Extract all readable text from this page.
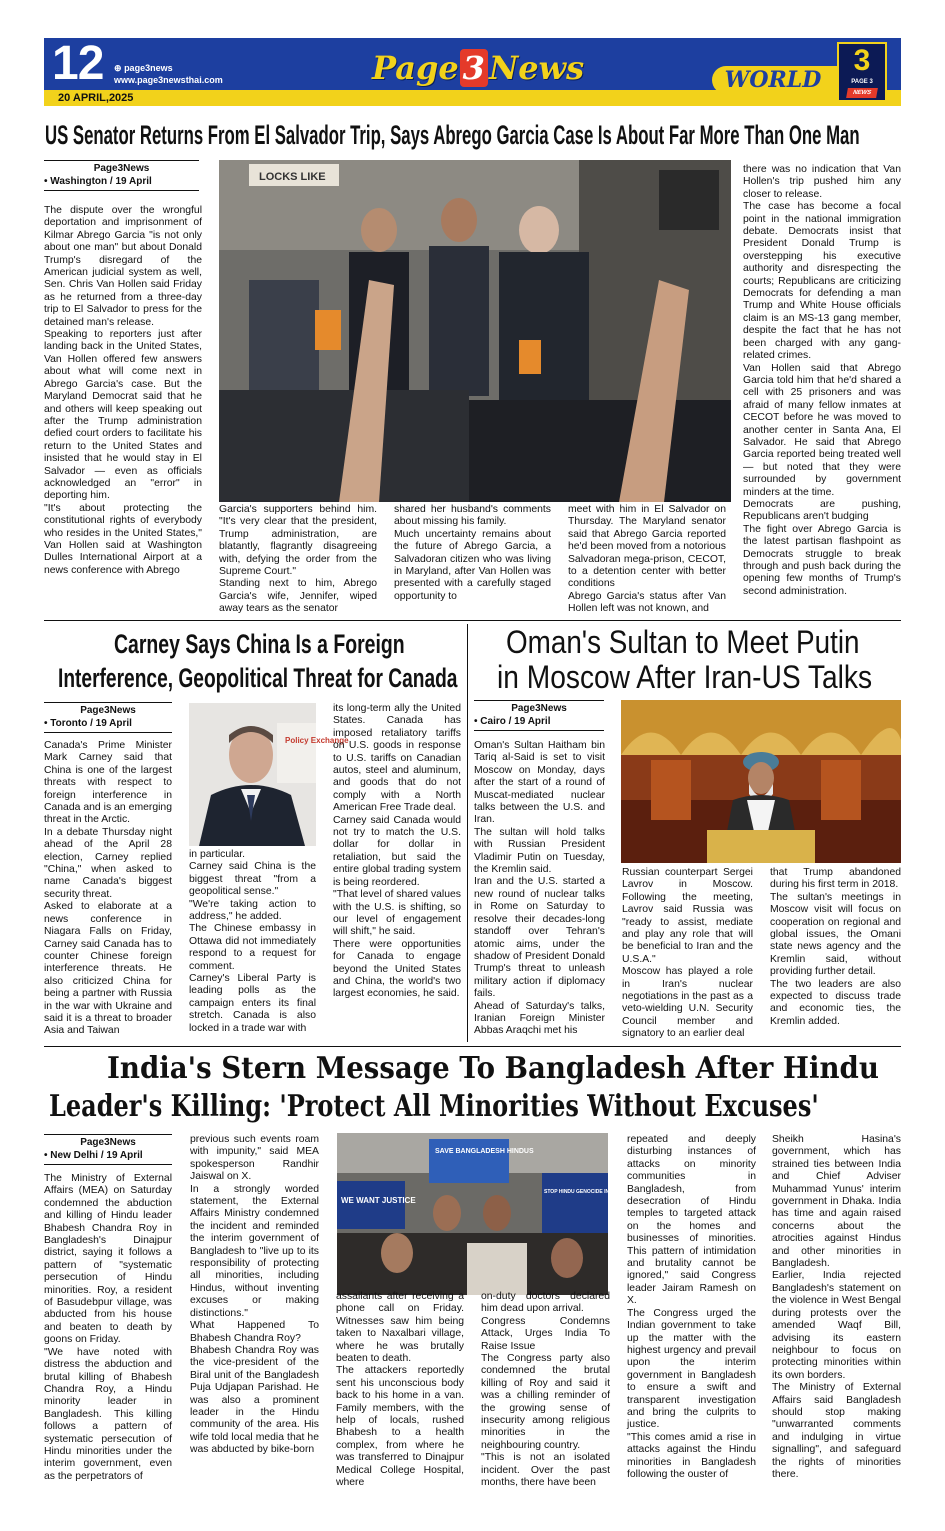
12 ⊕ page3news
www.page3newsthai.com
20 APRIL,2025
Page 3 News	WORLD
3
PAGE 3
NEWS
US Senator Returns From El Salvador Trip, Says Abrego Garcia Case Is About Far More Than One Man
Page3News
• Washington / 19 April	LOCKS LIKE

The dispute over the wrongful deportation and imprisonment of Kilmar Abrego Garcia "is not only about one man" but about Donald Trump's disregard of the American judicial system as well, Sen. Chris Van Hollen said Friday as he returned from a three-day trip to El Salvador to press for the detained man's release.
Speaking to reporters just after landing back in the United States, Van Hollen offered few answers about what will come next in Abrego Garcia's case. But the Maryland Democrat said that he and others will keep speaking out after the Trump administration defied court orders to facilitate his return to the United States and insisted that he would stay in El Salvador — even as officials acknowledged an "error" in deporting him.
"It's about protecting the constitutional rights of everybody who resides in the United States," Van Hollen said at Washington Dulles International Airport at a news conference with Abrego

Garcia's supporters behind him. "It's very clear that the president, Trump administration, are blatantly, flagrantly disagreeing with, defying the order from the Supreme Court."
Standing next to him, Abrego Garcia's wife, Jennifer, wiped away tears as the senator

shared her husband's comments about missing his family.
Much uncertainty remains about the future of Abrego Garcia, a Salvadoran citizen who was living in Maryland, after Van Hollen was presented with a carefully staged opportunity to

meet with him in El Salvador on Thursday. The Maryland senator said that Abrego Garcia reported he'd been moved from a notorious Salvadoran mega-prison, CECOT, to a detention center with better conditions
Abrego Garcia's status after Van Hollen left was not known, and

there was no indication that Van Hollen's trip pushed him any closer to release.
The case has become a focal point in the national immigration debate. Democrats insist that President Donald Trump is overstepping his executive authority and disrespecting the courts; Republicans are criticizing Democrats for defending a man Trump and White House officials claim is an MS-13 gang member, despite the fact that he has not been charged with any gang-related crimes.
Van Hollen said that Abrego Garcia told him that he'd shared a cell with 25 prisoners and was afraid of many fellow inmates at CECOT before he was moved to another center in Santa Ana, El Salvador. He said that Abrego Garcia reported being treated well — but noted that they were surrounded by government minders at the time.
Democrats are pushing, Republicans aren't budging
The fight over Abrego Garcia is the latest partisan flashpoint as Democrats struggle to break through and push back during the opening few months of Trump's second administration.

Carney Says China Is a Foreign
Interference, Geopolitical Threat for Canada
Page3News
• Toronto / 19 April
Policy Exchange

Canada's Prime Minister Mark Carney said that China is one of the largest threats with respect to foreign interference in Canada and is an emerging threat in the Arctic.
In a debate Thursday night ahead of the April 28 election, Carney replied "China," when asked to name Canada's biggest security threat.
Asked to elaborate at a news conference in Niagara Falls on Friday, Carney said Canada has to counter Chinese foreign interference threats. He also criticized China for being a partner with Russia in the war with Ukraine and said it is a threat to broader Asia and Taiwan

in particular.
Carney said China is the biggest threat "from a geopolitical sense."
"We're taking action to address," he added.
The Chinese embassy in Ottawa did not immediately respond to a request for comment.
Carney's Liberal Party is leading polls as the campaign enters its final stretch. Canada is also locked in a trade war with

its long-term ally the United States. Canada has imposed retaliatory tariffs on U.S. goods in response to U.S. tariffs on Canadian autos, steel and aluminum, and goods that do not comply with a North American Free Trade deal.
Carney said Canada would not try to match the U.S. dollar for dollar in retaliation, but said the entire global trading system is being reordered.
"That level of shared values with the U.S. is shifting, so our level of engagement will shift," he said.
There were opportunities for Canada to engage beyond the United States and China, the world's two largest economies, he said.

Oman's Sultan to Meet Putin
in Moscow After Iran-US Talks
Page3News
• Cairo / 19 April

Oman's Sultan Haitham bin Tariq al-Said is set to visit Moscow on Monday, days after the start of a round of Muscat-mediated nuclear talks between the U.S. and Iran.
The sultan will hold talks with Russian President Vladimir Putin on Tuesday, the Kremlin said.
Iran and the U.S. started a new round of nuclear talks in Rome on Saturday to resolve their decades-long standoff over Tehran's atomic aims, under the shadow of President Donald Trump's threat to unleash military action if diplomacy fails.
Ahead of Saturday's talks, Iranian Foreign Minister Abbas Araqchi met his

Russian counterpart Sergei Lavrov in Moscow. Following the meeting, Lavrov said Russia was "ready to assist, mediate and play any role that will be beneficial to Iran and the U.S.A."
Moscow has played a role in Iran's nuclear negotiations in the past as a veto-wielding U.N. Security Council member and signatory to an earlier deal

that Trump abandoned during his first term in 2018.
The sultan's meetings in Moscow visit will focus on cooperation on regional and global issues, the Omani state news agency and the Kremlin said, without providing further detail.
The two leaders are also expected to discuss trade and economic ties, the Kremlin added.

India's Stern Message To Bangladesh After Hindu
Leader's Killing: 'Protect All Minorities Without Excuses'
Page3News
• New Delhi / 19 April	SAVE BANGLADESH HINDUS
WE WANT JUSTICE
STOP HINDU GENOCIDE IN BANGLADESH

The Ministry of External Affairs (MEA) on Saturday condemned the abduction and killing of Hindu leader Bhabesh Chandra Roy in Bangladesh's Dinajpur district, saying it follows a pattern of "systematic persecution of Hindu minorities. Roy, a resident of Basudebpur village, was abducted from his house and beaten to death by goons on Friday.
"We have noted with distress the abduction and brutal killing of Bhabesh Chandra Roy, a Hindu minority leader in Bangladesh. This killing follows a pattern of systematic persecution of Hindu minorities under the interim government, even as the perpetrators of

previous such events roam with impunity," said MEA spokesperson Randhir Jaiswal on X.
In a strongly worded statement, the External Affairs Ministry condemned the incident and reminded the interim government of Bangladesh to "live up to its responsibility of protecting all minorities, including Hindus, without inventing excuses or making distinctions."
What Happened To Bhabesh Chandra Roy?
Bhabesh Chandra Roy was the vice-president of the Biral unit of the Bangladesh Puja Udjapan Parishad. He was also a prominent leader in the Hindu community of the area. His wife told local media that he was abducted by bike-born

assailants after receiving a phone call on Friday. Witnesses saw him being taken to Naxalbari village, where he was brutally beaten to death.
The attackers reportedly sent his unconscious body back to his home in a van. Family members, with the help of locals, rushed Bhabesh to a health complex, from where he was transferred to Dinajpur Medical College Hospital, where

on-duty doctors declared him dead upon arrival.
Congress Condemns Attack, Urges India To Raise Issue
The Congress party also condemned the brutal killing of Roy and said it was a chilling reminder of the growing sense of insecurity among religious minorities in the neighbouring country.
"This is not an isolated incident. Over the past months, there have been

repeated and deeply disturbing instances of attacks on minority communities in Bangladesh, from desecration of Hindu temples to targeted attack on the homes and businesses of minorities. This pattern of intimidation and brutality cannot be ignored," said Congress leader Jairam Ramesh on X.
The Congress urged the Indian government to take up the matter with the highest urgency and prevail upon the interim government in Bangladesh to ensure a swift and transparent investigation and bring the culprits to justice.
"This comes amid a rise in attacks against the Hindu minorities in Bangladesh following the ouster of

Sheikh Hasina's government, which has strained ties between India and Chief Adviser Muhammad Yunus' interim government in Dhaka. India has time and again raised concerns about the atrocities against Hindus and other minorities in Bangladesh.
Earlier, India rejected Bangladesh's statement on the violence in West Bengal during protests over the amended Waqf Bill, advising its eastern neighbour to focus on protecting minorities within its own borders.
The Ministry of External Affairs said Bangladesh should stop making "unwarranted comments and indulging in virtue signalling", and safeguard the rights of minorities there.
